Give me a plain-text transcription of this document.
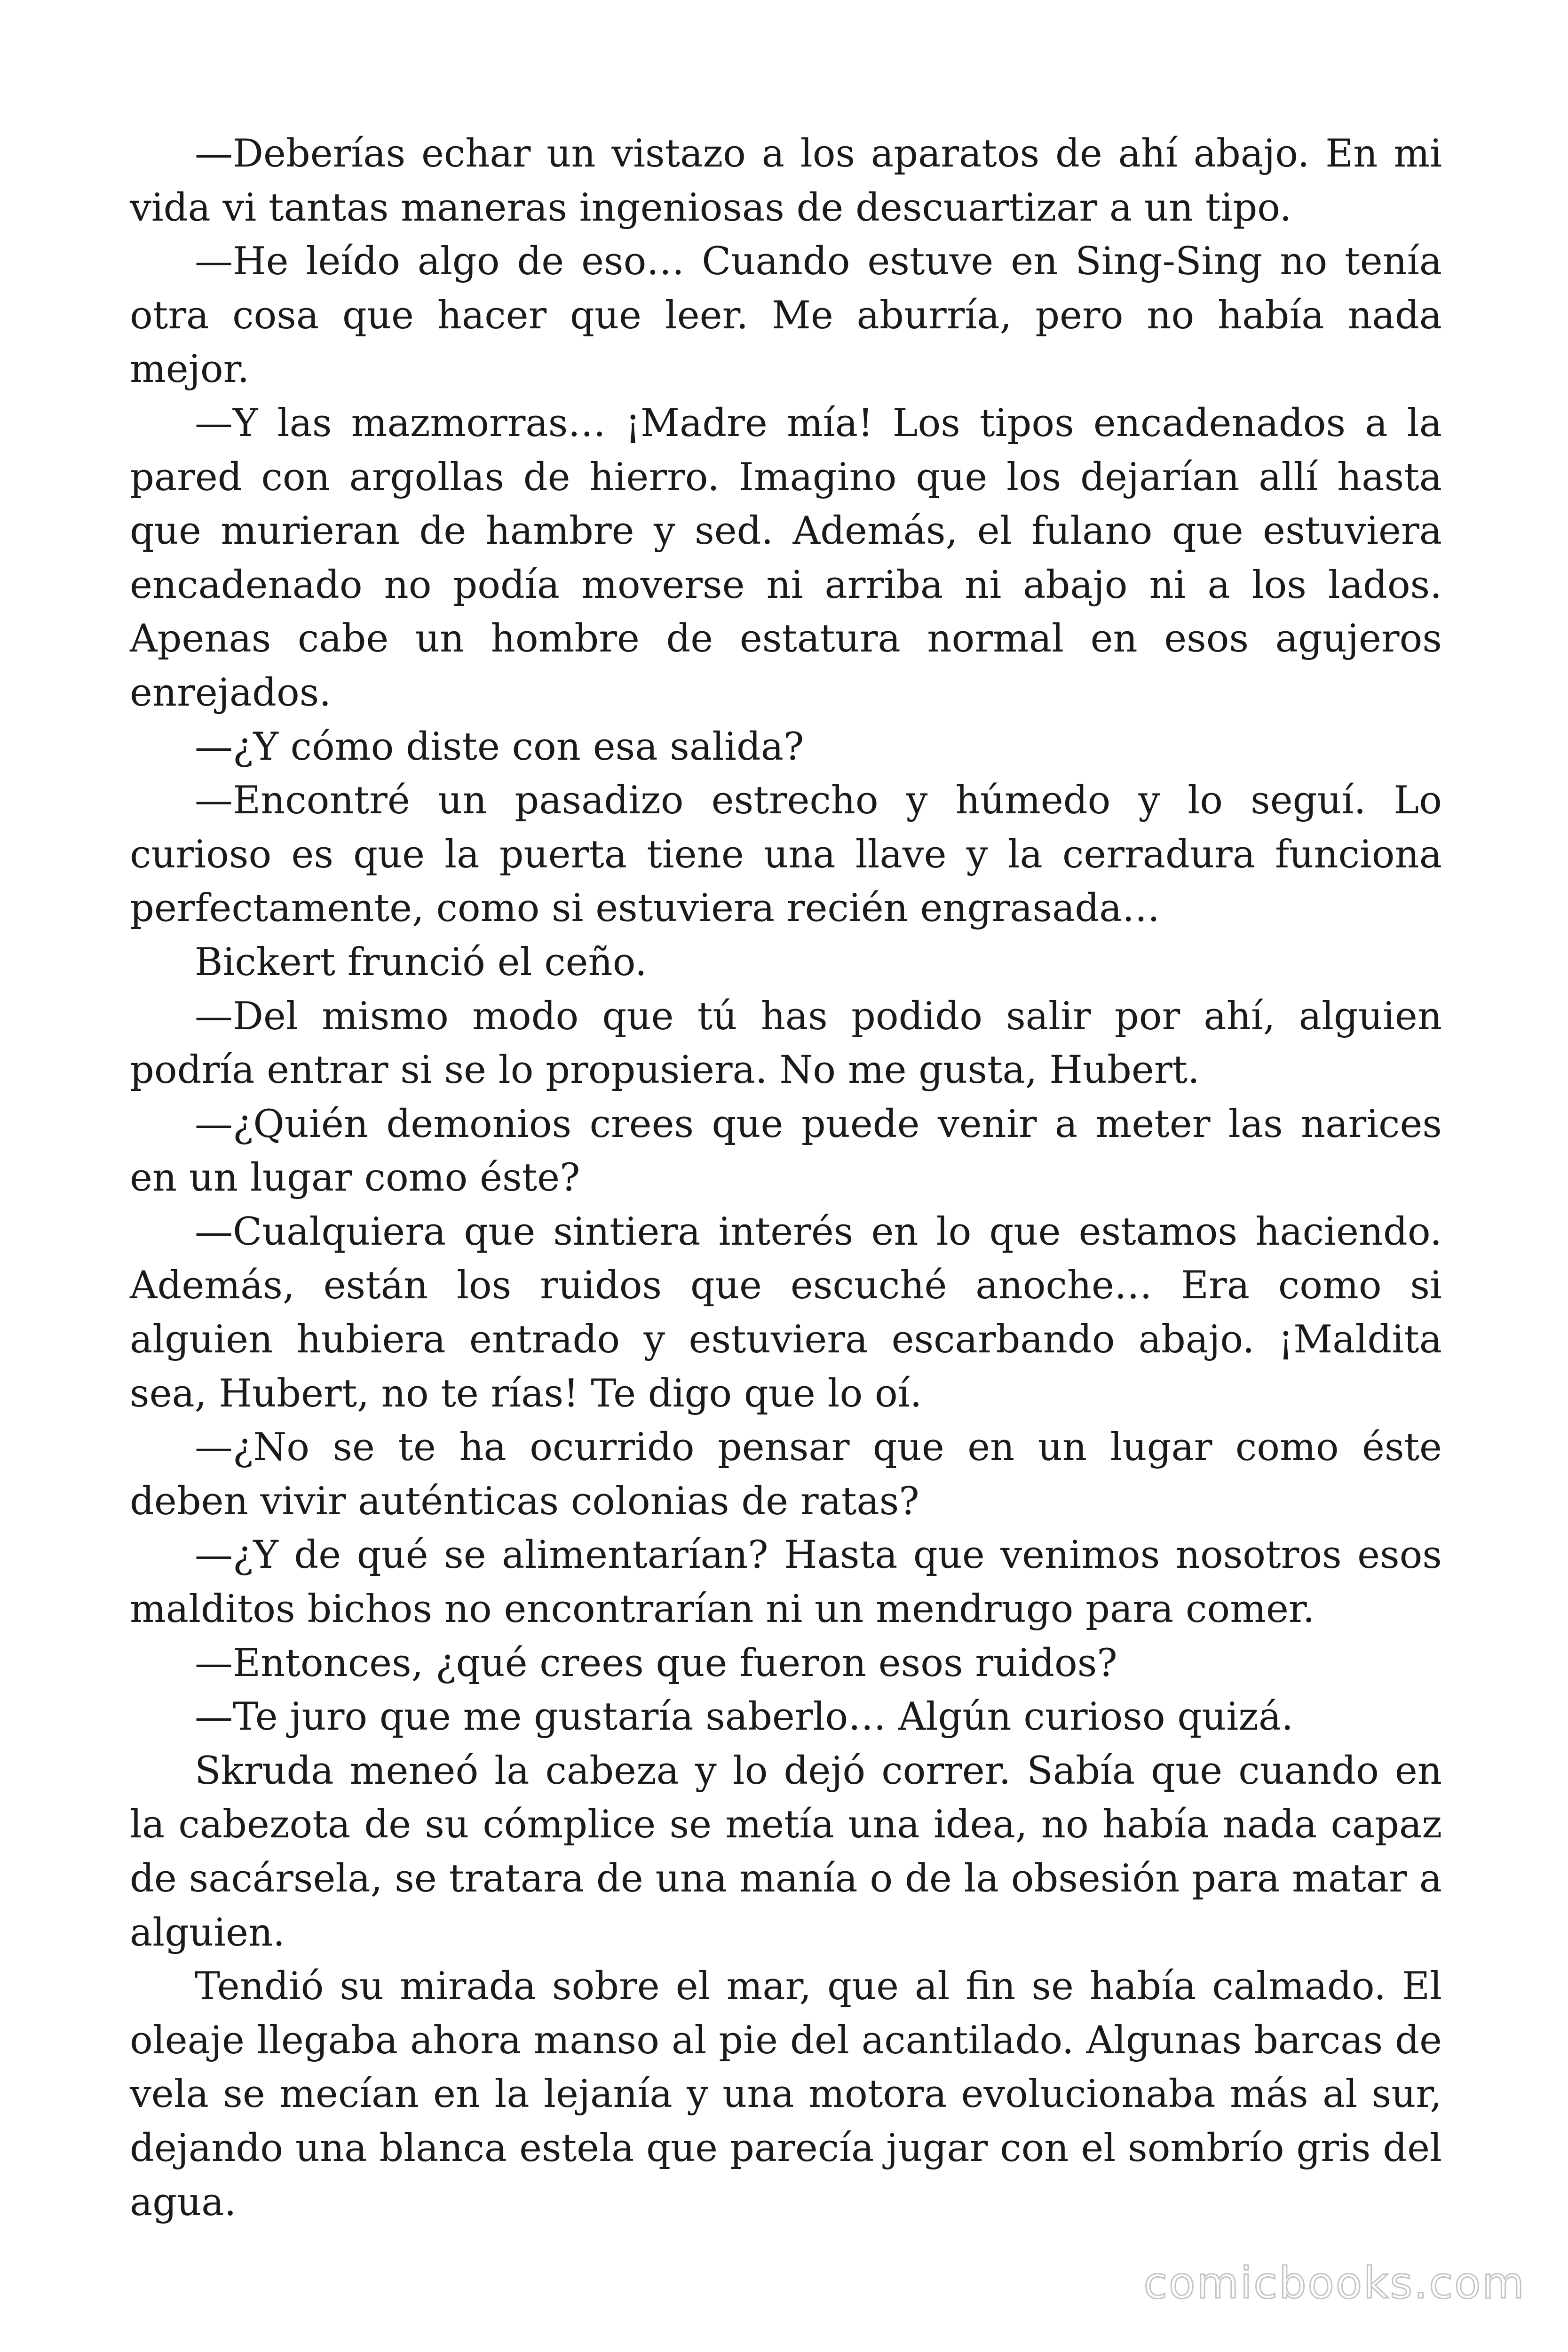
—Deberías echar un vistazo a los aparatos de ahí abajo. En mi vida vi tantas maneras ingeniosas de descuartizar a un tipo.

—He leído algo de eso… Cuando estuve en Sing-Sing no tenía otra cosa que hacer que leer. Me aburría, pero no había nada mejor.

—Y las mazmorras… ¡Madre mía! Los tipos encadenados a la pared con argollas de hierro. Imagino que los dejarían allí hasta que murieran de hambre y sed. Además, el fulano que estuviera encadenado no podía moverse ni arriba ni abajo ni a los lados. Apenas cabe un hombre de estatura normal en esos agujeros enrejados.

—¿Y cómo diste con esa salida?

—Encontré un pasadizo estrecho y húmedo y lo seguí. Lo curioso es que la puerta tiene una llave y la cerradura funciona perfectamente, como si estuviera recién engrasada…

Bickert frunció el ceño.

—Del mismo modo que tú has podido salir por ahí, alguien podría entrar si se lo propusiera. No me gusta, Hubert.

—¿Quién demonios crees que puede venir a meter las narices en un lugar como éste?

—Cualquiera que sintiera interés en lo que estamos haciendo. Además, están los ruidos que escuché anoche… Era como si alguien hubiera entrado y estuviera escarbando abajo. ¡Maldita sea, Hubert, no te rías! Te digo que lo oí.

—¿No se te ha ocurrido pensar que en un lugar como éste deben vivir auténticas colonias de ratas?

—¿Y de qué se alimentarían? Hasta que venimos nosotros esos malditos bichos no encontrarían ni un mendrugo para comer.

—Entonces, ¿qué crees que fueron esos ruidos?

—Te juro que me gustaría saberlo… Algún curioso quizá.

Skruda meneó la cabeza y lo dejó correr. Sabía que cuando en la cabezota de su cómplice se metía una idea, no había nada capaz de sacársela, se tratara de una manía o de la obsesión para matar a alguien.

Tendió su mirada sobre el mar, que al fin se había calmado. El oleaje llegaba ahora manso al pie del acantilado. Algunas barcas de vela se mecían en la lejanía y una motora evolucionaba más al sur, dejando una blanca estela que parecía jugar con el sombrío gris del agua.

comicbooks.com
